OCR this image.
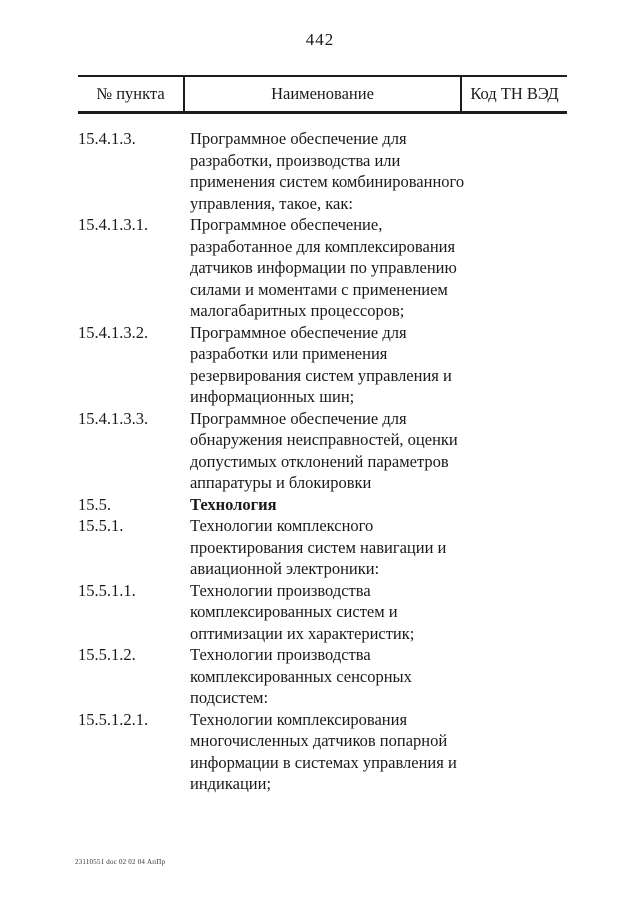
442
№ пункта	Наименование	Код ТН ВЭД
15.4.1.3.	Программное обеспечение для разработки, производства или применения систем комбинированного управления, такое, как:
15.4.1.3.1.	Программное обеспечение, разработанное для комплексирования датчиков информации по управлению силами и моментами с применением малогабаритных процессоров;
15.4.1.3.2.	Программное обеспечение для разработки или применения резервирования систем управления и информационных шин;
15.4.1.3.3.	Программное обеспечение для обнаружения неисправностей, оценки допустимых отклонений параметров аппаратуры и блокировки
15.5.	Технология
15.5.1.	Технологии комплексного проектирования систем навигации и авиационной электроники:
15.5.1.1.	Технологии производства комплексированных систем и оптимизации их характеристик;
15.5.1.2.	Технологии производства комплексированных сенсорных подсистем:
15.5.1.2.1.	Технологии комплексирования многочисленных датчиков попарной информации в системах управления и индикации;
23110551 doc 02 02 04 АпПр
